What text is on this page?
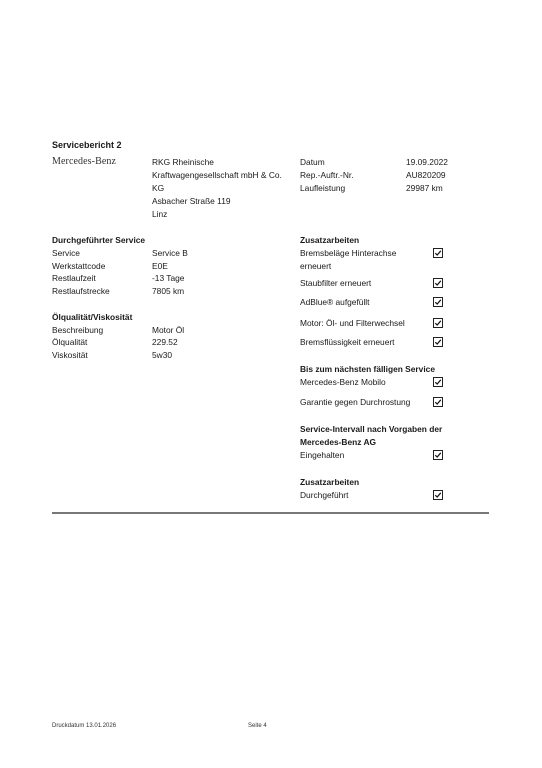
Servicebericht 2
Mercedes-Benz	RKG Rheinische
Kraftwagengesellschaft mbH & Co.
KG
Asbacher Straße 119
Linz
Datum	19.09.2022
Rep.-Auftr.-Nr.	AU820209
Laufleistung	29987 km
Durchgeführter Service
Service	Service B
Werkstattcode	E0E
Restlaufzeit	-13 Tage
Restlaufstrecke	7805 km
Ölqualität/Viskosität
Beschreibung	Motor Öl
Ölqualität	229.52
Viskosität	5w30
Zusatzarbeiten
Bremsbeläge Hinterachse
erneuert
Staubfilter erneuert
AdBlue® aufgefüllt
Motor: Öl- und Filterwechsel
Bremsflüssigkeit erneuert
Bis zum nächsten fälligen Service
Mercedes-Benz Mobilo
Garantie gegen Durchrostung
Service-Intervall nach Vorgaben der
Mercedes-Benz AG
Eingehalten
Zusatzarbeiten
Durchgeführt
Druckdatum 13.01.2026	Seite 4
